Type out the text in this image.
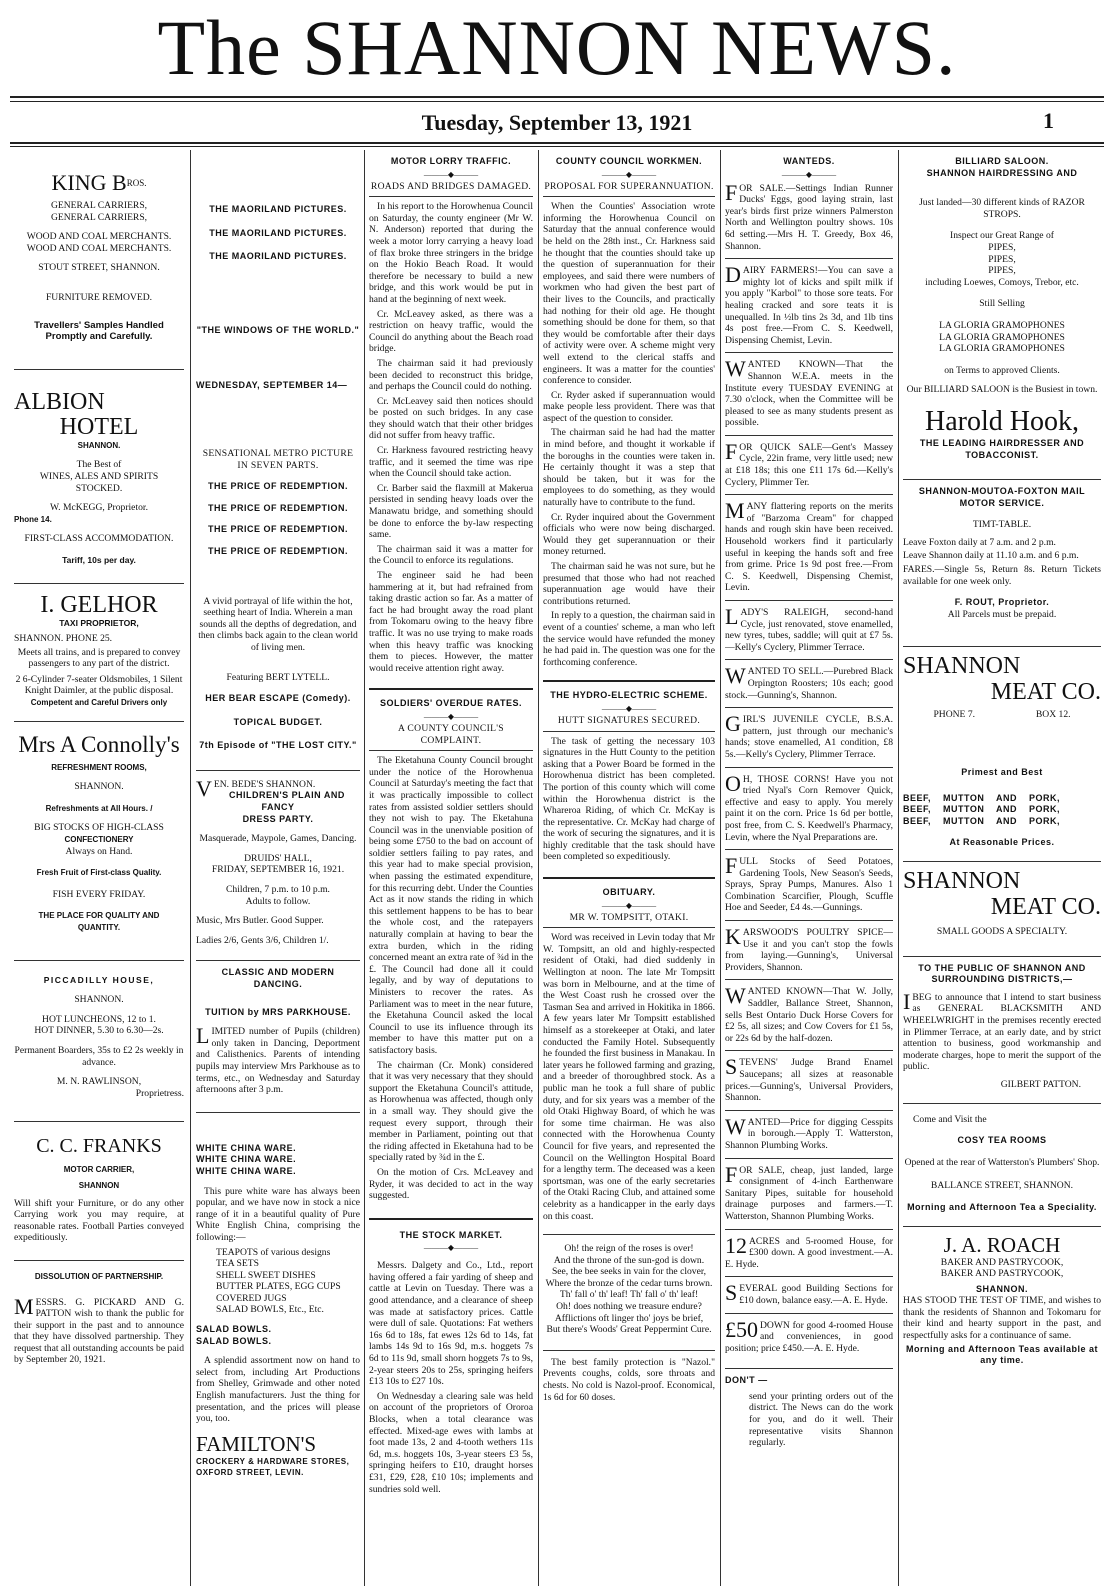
The SHANNON NEWS.
Tuesday, September 13, 1921	1
KING $B^{ROS.}$
GENERAL CARRIERS,
GENERAL CARRIERS,
WOOD AND COAL MERCHANTS.
WOOD AND COAL MERCHANTS.
STOUT STREET, SHANNON.
FURNITURE REMOVED.
Travellers' Samples Handled
Promptly and Carefully.
ALBION
HOTEL
SHANNON.
The Best of
WINES, ALES AND SPIRITS
STOCKED.
W. McKEGG, Proprietor.
Phone 14.
FIRST-CLASS ACCOMMODATION.
Tariff, 10s per day.
I. GELHOR
TAXI PROPRIETOR,
SHANNON. PHONE 25.
Meets all trains, and is prepared to convey passengers to any part of the district.
2 6-Cylinder 7-seater Oldsmobiles, 1 Silent Knight Daimler, at the public disposal.
Competent and Careful Drivers only
Mrs A Connolly's
REFRESHMENT ROOMS,
SHANNON.
Refreshments at All Hours. /
BIG STOCKS OF HIGH-CLASS
CONFECTIONERY
Always on Hand.
Fresh Fruit of First-class Quality.
FISH EVERY FRIDAY.
THE PLACE FOR QUALITY AND
QUANTITY.
PICCADILLY HOUSE,
SHANNON.
HOT LUNCHEONS, 12 to 1.
HOT DINNER, 5.30 to 6.30—2s.
Permanent Boarders, 35s to £2 2s weekly in advance.
M. N. RAWLINSON,
Proprietress.
C. C. FRANKS
MOTOR CARRIER,
SHANNON
Will shift your Furniture, or do any other Carrying work you may require, at reasonable rates. Football Parties conveyed expeditiously.
DISSOLUTION OF PARTNERSHIP.
MESSRS. G. PICKARD AND G. PATTON wish to thank the public for their support in the past and to announce that they have dissolved partnership. They request that all outstanding accounts be paid by September 20, 1921.
THE MAORILAND PICTURES.
THE MAORILAND PICTURES.
THE MAORILAND PICTURES.
"THE WINDOWS OF THE WORLD."
WEDNESDAY, SEPTEMBER 14—
SENSATIONAL METRO PICTURE
IN SEVEN PARTS.
THE PRICE OF REDEMPTION.
THE PRICE OF REDEMPTION.
THE PRICE OF REDEMPTION.
THE PRICE OF REDEMPTION.
A vivid portrayal of life within the hot, seething heart of India. Wherein a man sounds all the depths of degredation, and then climbs back again to the clean world of living men.
Featuring BERT LYTELL.
HER BEAR ESCAPE (Comedy).
TOPICAL BUDGET.
7th Episode of "THE LOST CITY."
VEN. BEDE'S SHANNON.
CHILDREN'S PLAIN AND FANCY
DRESS PARTY.
Masquerade, Maypole, Games, Dancing.
DRUIDS' HALL,
FRIDAY, SEPTEMBER 16, 1921.
Children, 7 p.m. to 10 p.m.
Adults to follow.
Music, Mrs Butler. Good Supper.
Ladies 2/6, Gents 3/6, Children 1/.
CLASSIC AND MODERN DANCING.
TUITION by MRS PARKHOUSE.
LIMITED number of Pupils (children) only taken in Dancing, Deportment and Calisthenics. Parents of intending pupils may interview Mrs Parkhouse as to terms, etc., on Wednesday and Saturday afternoons after 3 p.m.
WHITE CHINA WARE.
WHITE CHINA WARE.
WHITE CHINA WARE.

This pure white ware has always been popular, and we have now in stock a nice range of it in a beautiful quality of Pure White English China, comprising the following:—

TEAPOTS of various designs
TEA SETS
SHELL SWEET DISHES
BUTTER PLATES, EGG CUPS
COVERED JUGS
SALAD BOWLS, Etc., Etc.
SALAD BOWLS.
SALAD BOWLS.

A splendid assortment now on hand to select from, including Art Productions from Shelley, Grimwade and other noted English manufacturers. Just the thing for presentation, and the prices will please you, too.

FAMILTON'S
CROCKERY & HARDWARE STORES,
OXFORD STREET, LEVIN.
MOTOR LORRY TRAFFIC.
———◆———
ROADS AND BRIDGES DAMAGED.

In his report to the Horowhenua Council on Saturday, the county engineer (Mr W. N. Anderson) reported that during the week a motor lorry carrying a heavy load of flax broke three stringers in the bridge on the Hokio Beach Road. It would therefore be necessary to build a new bridge, and this work would be put in hand at the beginning of next week.

Cr. McLeavey asked, as there was a restriction on heavy traffic, would the Council do anything about the Beach road bridge.

The chairman said it had previously been decided to reconstruct this bridge, and perhaps the Council could do nothing.

Cr. McLeavey said then notices should be posted on such bridges. In any case they should watch that their other bridges did not suffer from heavy traffic.

Cr. Harkness favoured restricting heavy traffic, and it seemed the time was ripe when the Council should take action.

Cr. Barber said the flaxmill at Makerua persisted in sending heavy loads over the Manawatu bridge, and something should be done to enforce the by-law respecting same.

The chairman said it was a matter for the Council to enforce its regulations.

The engineer said he had been hammering at it, but had refrained from taking drastic action so far. As a matter of fact he had brought away the road plant from Tokomaru owing to the heavy fibre traffic. It was no use trying to make roads when this heavy traffic was knocking them to pieces. However, the matter would receive attention right away.

SOLDIERS' OVERDUE RATES.
———◆———
A COUNTY COUNCIL'S COMPLAINT.

The Eketahuna County Council brought under the notice of the Horowhenua Council at Saturday's meeting the fact that it was practically impossible to collect rates from assisted soldier settlers should they not wish to pay. The Eketahuna Council was in the unenviable position of being some £750 to the bad on account of soldier settlers failing to pay rates, and this year had to make special provision, when passing the estimated expenditure, for this recurring debt. Under the Counties Act as it now stands the riding in which this settlement happens to be has to bear the whole cost, and the ratepayers naturally complain at having to bear the extra burden, which in the riding concerned meant an extra rate of ¾d in the £. The Council had done all it could legally, and by way of deputations to Ministers to recover the rates. As Parliament was to meet in the near future, the Eketahuna Council asked the local Council to use its influence through its member to have this matter put on a satisfactory basis.

The chairman (Cr. Monk) considered that it was very necessary that they should support the Eketahuna Council's attitude, as Horowhenua was affected, though only in a small way. They should give the request every support, through their member in Parliament, pointing out that the riding affected in Eketahuna had to be specially rated by ¾d in the £.

On the motion of Crs. McLeavey and Ryder, it was decided to act in the way suggested.

THE STOCK MARKET.
———◆———

Messrs. Dalgety and Co., Ltd., report having offered a fair yarding of sheep and cattle at Levin on Tuesday. There was a good attendance, and a clearance of sheep was made at satisfactory prices. Cattle were dull of sale. Quotations: Fat wethers 16s 6d to 18s, fat ewes 12s 6d to 14s, fat lambs 14s 9d to 16s 9d, m.s. hoggets 7s 6d to 11s 9d, small shorn hoggets 7s to 9s, 2-year steers 20s to 25s, springing heifers £13 10s to £27 10s.

On Wednesday a clearing sale was held on account of the proprietors of Ororoa Blocks, when a total clearance was effected. Mixed-age ewes with lambs at foot made 13s, 2 and 4-tooth wethers 11s 6d, m.s. hoggets 10s, 3-year steers £3 5s, springing heifers to £10, draught horses £31, £29, £28, £10 10s; implements and sundries sold well.

COUNTY COUNCIL WORKMEN.
———◆———
PROPOSAL FOR SUPERANNUATION.

When the Counties' Association wrote informing the Horowhenua Council on Saturday that the annual conference would be held on the 28th inst., Cr. Harkness said he thought that the counties should take up the question of superannuation for their employees, and said there were numbers of workmen who had given the best part of their lives to the Councils, and practically had nothing for their old age. He thought something should be done for them, so that they would be comfortable after their days of activity were over. A scheme might very well extend to the clerical staffs and engineers. It was a matter for the counties' conference to consider.

Cr. Ryder asked if superannuation would make people less provident. There was that aspect of the question to consider.

The chairman said he had had the matter in mind before, and thought it workable if the boroughs in the counties were taken in. He certainly thought it was a step that should be taken, but it was for the employees to do something, as they would naturally have to contribute to the fund.

Cr. Ryder inquired about the Government officials who were now being discharged. Would they get superannuation or their money returned.

The chairman said he was not sure, but he presumed that those who had not reached superannuation age would have their contributions returned.

In reply to a question, the chairman said in event of a counties' scheme, a man who left the service would have refunded the money he had paid in. The question was one for the forthcoming conference.

THE HYDRO-ELECTRIC SCHEME.
———◆———
HUTT SIGNATURES SECURED.

The task of getting the necessary 103 signatures in the Hutt County to the petition asking that a Power Board be formed in the Horowhenua district has been completed. The portion of this county which will come within the Horowhenua district is the Whareroa Riding, of which Cr. McKay is the representative. Cr. McKay had charge of the work of securing the signatures, and it is highly creditable that the task should have been completed so expeditiously.

OBITUARY.
———◆———
MR W. TOMPSITT, OTAKI.

Word was received in Levin today that Mr W. Tompsitt, an old and highly-respected resident of Otaki, had died suddenly in Wellington at noon. The late Mr Tompsitt was born in Melbourne, and at the time of the West Coast rush he crossed over the Tasman Sea and arrived in Hokitika in 1866. A few years later Mr Tompsitt established himself as a storekeeper at Otaki, and later conducted the Family Hotel. Subsequently he founded the first business in Manakau. In later years he followed farming and grazing, and a breeder of thoroughbred stock. As a public man he took a full share of public duty, and for six years was a member of the old Otaki Highway Board, of which he was for some time chairman. He was also connected with the Horowhenua County Council for five years, and represented the Council on the Wellington Hospital Board for a lengthy term. The deceased was a keen sportsman, was one of the early secretaries of the Otaki Racing Club, and attained some celebrity as a handicapper in the early days on this coast.

Oh! the reign of the roses is over!
And the throne of the sun-god is down.
See, the bee seeks in vain for the clover,
Where the bronze of the cedar turns brown.
Th' fall o' th' leaf! Th' fall o' th' leaf!
Oh! does nothing we treasure endure?
Afflictions oft linger tho' joys be brief,
But there's Woods' Great Peppermint Cure.

The best family protection is "Nazol." Prevents coughs, colds, sore throats and chests. No cold is Nazol-proof. Economical, 1s 6d for 60 doses.

WANTEDS.
———◆———
FOR SALE.—Settings Indian Runner Ducks' Eggs, good laying strain, last year's birds first prize winners Palmerston North and Wellington poultry shows. 10s 6d setting.—Mrs H. T. Greedy, Box 46, Shannon.
DAIRY FARMERS!—You can save a mighty lot of kicks and spilt milk if you apply "Karbol" to those sore teats. For healing cracked and sore teats it is unequalled. In ½lb tins 2s 3d, and 1lb tins 4s post free.—From C. S. Keedwell, Dispensing Chemist, Levin.
WANTED KNOWN—That the Shannon W.E.A. meets in the Institute every TUESDAY EVENING at 7.30 o'clock, when the Committee will be pleased to see as many students present as possible.
FOR QUICK SALE—Gent's Massey Cycle, 22in frame, very little used; new at £18 18s; this one £11 17s 6d.—Kelly's Cyclery, Plimmer Ter.
MANY flattering reports on the merits of "Barzoma Cream" for chapped hands and rough skin have been received. Household workers find it particularly useful in keeping the hands soft and free from grime. Price 1s 9d post free.—From C. S. Keedwell, Dispensing Chemist, Levin.
LADY'S RALEIGH, second-hand Cycle, just renovated, stove enamelled, new tyres, tubes, saddle; will quit at £7 5s.—Kelly's Cyclery, Plimmer Terrace.
WANTED TO SELL.—Purebred Black Orpington Roosters; 10s each; good stock.—Gunning's, Shannon.
GIRL'S JUVENILE CYCLE, B.S.A. pattern, just through our mechanic's hands; stove enamelled, A1 condition, £8 5s.—Kelly's Cyclery, Plimmer Terrace.
O H, THOSE CORNS! Have you not tried Nyal's Corn Remover Quick, effective and easy to apply. You merely paint it on the corn. Price 1s 6d per bottle, post free, from C. S. Keedwell's Pharmacy, Levin, where the Nyal Preparations are.
FULL Stocks of Seed Potatoes, Gardening Tools, New Season's Seeds, Sprays, Spray Pumps, Manures. Also 1 Combination Scarcifier, Plough, Scuffle Hoe and Seeder, £4 4s.—Gunnings.
KARSWOOD'S POULTRY SPICE—Use it and you can't stop the fowls from laying.—Gunning's, Universal Providers, Shannon.
WANTED KNOWN—That W. Jolly, Saddler, Ballance Street, Shannon, sells Best Ontario Duck Horse Covers for £2 5s, all sizes; and Cow Covers for £1 5s, or 22s 6d by the half-dozen.
STEVENS' Judge Brand Enamel Saucepans; all sizes at reasonable prices.—Gunning's, Universal Providers, Shannon.
WANTED—Price for digging Cesspits in borough.—Apply T. Watterston, Shannon Plumbing Works.
FOR SALE, cheap, just landed, large consignment of 4-inch Earthenware Sanitary Pipes, suitable for household drainage purposes and farmers.—T. Watterston, Shannon Plumbing Works.
12 ACRES and 5-roomed House, for £300 down. A good investment.—A. E. Hyde.
SEVERAL good Building Sections for £10 down, balance easy.—A. E. Hyde.
£50 DOWN for good 4-roomed House and conveniences, in good position; price £450.—A. E. Hyde.
DON'T —
send your printing orders out of the district. The News can do the work for you, and do it well. Their representative visits Shannon regularly.
BILLIARD SALOON.
SHANNON HAIRDRESSING AND
Just landed—30 different kinds of RAZOR STROPS.
Inspect our Great Range of
PIPES,
PIPES,
PIPES,
including Loewes, Comoys, Trebor, etc.
Still Selling
LA GLORIA GRAMOPHONES
LA GLORIA GRAMOPHONES
LA GLORIA GRAMOPHONES
on Terms to approved Clients.
Our BILLIARD SALOON is the Busiest in town.
Harold Hook,
THE LEADING HAIRDRESSER AND
TOBACCONIST.
SHANNON-MOUTOA-FOXTON MAIL MOTOR SERVICE.
TIMT-TABLE.
Leave Foxton daily at 7 a.m. and 2 p.m.
Leave Shannon daily at 11.10 a.m. and 6 p.m.
FARES.—Single 5s, Return 8s. Return Tickets available for one week only.
F. ROUT, Proprietor.
All Parcels must be prepaid.
SHANNON
MEAT CO.
PHONE 7.	BOX 12.
Primest and Best
BEEF,    MUTTON    AND    PORK,
BEEF,    MUTTON    AND    PORK,
BEEF,    MUTTON    AND    PORK,
At Reasonable Prices.
SHANNON
MEAT CO.
SMALL GOODS A SPECIALTY.
TO THE PUBLIC OF SHANNON AND SURROUNDING DISTRICTS,—
IBEG to announce that I intend to start business as GENERAL BLACKSMITH AND WHEELWRIGHT in the premises recently erected in Plimmer Terrace, at an early date, and by strict attention to business, good workmanship and moderate charges, hope to merit the support of the public.
GILBERT PATTON.
Come and Visit the
COSY TEA ROOMS
Opened at the rear of Watterston's Plumbers' Shop.
BALLANCE STREET, SHANNON.
Morning and Afternoon Tea a Speciality.
J. A. ROACH
BAKER AND PASTRYCOOK,
BAKER AND PASTRYCOOK,
SHANNON.
HAS STOOD THE TEST OF TIME, and wishes to thank the residents of Shannon and Tokomaru for their kind and hearty support in the past, and respectfully asks for a continuance of same.
Morning and Afternoon Teas available at any time.
